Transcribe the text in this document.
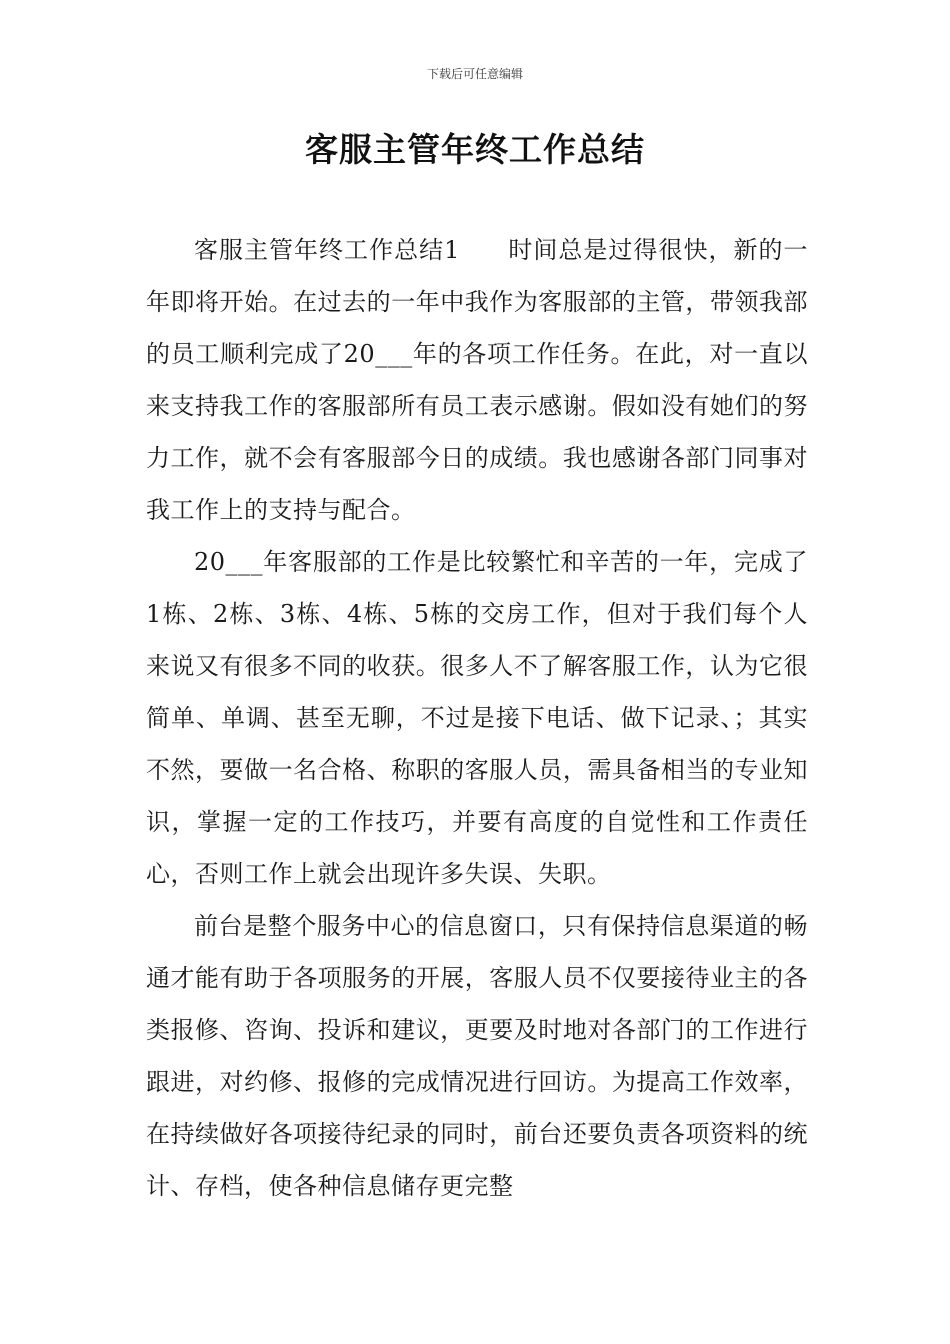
下载后可任意编辑
客服主管年终工作总结

客服主管年终工作总结1 时间总是过得很快，新的一年即将开始。在过去的一年中我作为客服部的主管，带领我部的员工顺利完成了20___年的各项工作任务。在此，对一直以来支持我工作的客服部所有员工表示感谢。假如没有她们的努力工作，就不会有客服部今日的成绩。我也感谢各部门同事对我工作上的支持与配合。

20___年客服部的工作是比较繁忙和辛苦的一年，完成了1栋、2栋、3栋、4栋、5栋的交房工作，但对于我们每个人来说又有很多不同的收获。很多人不了解客服工作，认为它很简单、单调、甚至无聊，不过是接下电话、做下记录、；其实不然，要做一名合格、称职的客服人员，需具备相当的专业知识，掌握一定的工作技巧，并要有高度的自觉性和工作责任心，否则工作上就会出现许多失误、失职。

前台是整个服务中心的信息窗口，只有保持信息渠道的畅通才能有助于各项服务的开展，客服人员不仅要接待业主的各类报修、咨询、投诉和建议，更要及时地对各部门的工作进行跟进，对约修、报修的完成情况进行回访。为提高工作效率，在持续做好各项接待纪录的同时，前台还要负责各项资料的统计、存档，使各种信息储存更完整
